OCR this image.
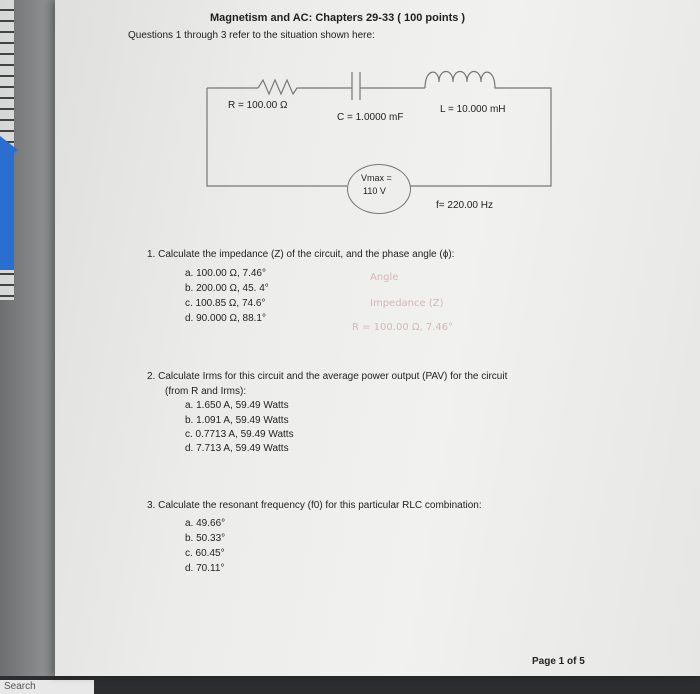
Search
Magnetism and AC: Chapters 29-33 ( 100 points )
Questions 1 through 3 refer to the situation shown here:
R = 100.00 Ω
C = 1.0000 mF
L = 10.000 mH
Vmax =
110 V
f= 220.00 Hz
1. Calculate the impedance (Z) of the circuit, and the phase angle (ϕ):
a. 100.00 Ω, 7.46°
b. 200.00 Ω, 45. 4°
c. 100.85 Ω, 74.6°
d. 90.000 Ω, 88.1°
Angle
Impedance (Z)
R = 100.00 Ω, 7.46°
2. Calculate Irms for this circuit and the average power output (PAV) for the circuit
(from R and Irms):
a. 1.650 A, 59.49 Watts
b. 1.091 A, 59.49 Watts
c. 0.7713 A, 59.49 Watts
d. 7.713 A, 59.49 Watts
3. Calculate the resonant frequency (f0) for this particular RLC combination:
a. 49.66°
b. 50.33°
c. 60.45°
d. 70.11°
Page 1 of 5
